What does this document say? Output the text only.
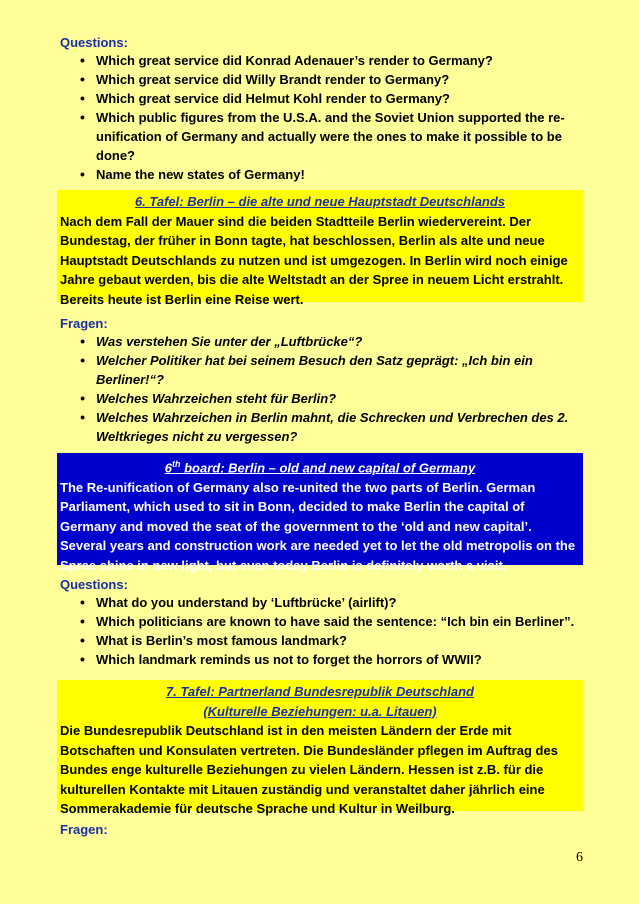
Questions:
• Which great service did Konrad Adenauer’s render to Germany?
• Which great service did Willy Brandt render to Germany?
• Which great service did Helmut Kohl render to Germany?
• Which public figures from the U.S.A. and the Soviet Union supported the re-unification of Germany and actually were the ones to make it possible to be done?
• Name the new states of Germany!
6. Tafel: Berlin – die alte und neue Hauptstadt Deutschlands
Nach dem Fall der Mauer sind die beiden Stadtteile Berlin wiedervereint. Der Bundestag, der früher in Bonn tagte, hat beschlossen, Berlin als alte und neue Hauptstadt Deutschlands zu nutzen und ist umgezogen. In Berlin wird noch einige Jahre gebaut werden, bis die alte Weltstadt an der Spree in neuem Licht erstrahlt. Bereits heute ist Berlin eine Reise wert.
Fragen:
• Was verstehen Sie unter der „Luftbrücke“?
• Welcher Politiker hat bei seinem Besuch den Satz geprägt: „Ich bin ein Berliner!“?
• Welches Wahrzeichen steht für Berlin?
• Welches Wahrzeichen in Berlin mahnt, die Schrecken und Verbrechen des 2. Weltkrieges nicht zu vergessen?
6th board: Berlin – old and new capital of Germany
The Re-unification of Germany also re-united the two parts of Berlin. German Parliament, which used to sit in Bonn, decided to make Berlin the capital of Germany and moved the seat of the government to the ‘old and new capital’. Several years and construction work are needed yet to let the old metropolis on the Spree shine in new light, but even today Berlin is definitely worth a visit.
Questions:
• What do you understand by ‘Luftbrücke’ (airlift)?
• Which politicians are known to have said the sentence: “Ich bin ein Berliner”.
• What is Berlin’s most famous landmark?
• Which landmark reminds us not to forget the horrors of WWII?
7. Tafel: Partnerland Bundesrepublik Deutschland
(Kulturelle Beziehungen: u.a. Litauen)
Die Bundesrepublik Deutschland ist in den meisten Ländern der Erde mit Botschaften und Konsulaten vertreten. Die Bundesländer pflegen im Auftrag des Bundes enge kulturelle Beziehungen zu vielen Ländern. Hessen ist z.B. für die kulturellen Kontakte mit Litauen zuständig und veranstaltet daher jährlich eine Sommerakademie für deutsche Sprache und Kultur in Weilburg.
Fragen:
6
